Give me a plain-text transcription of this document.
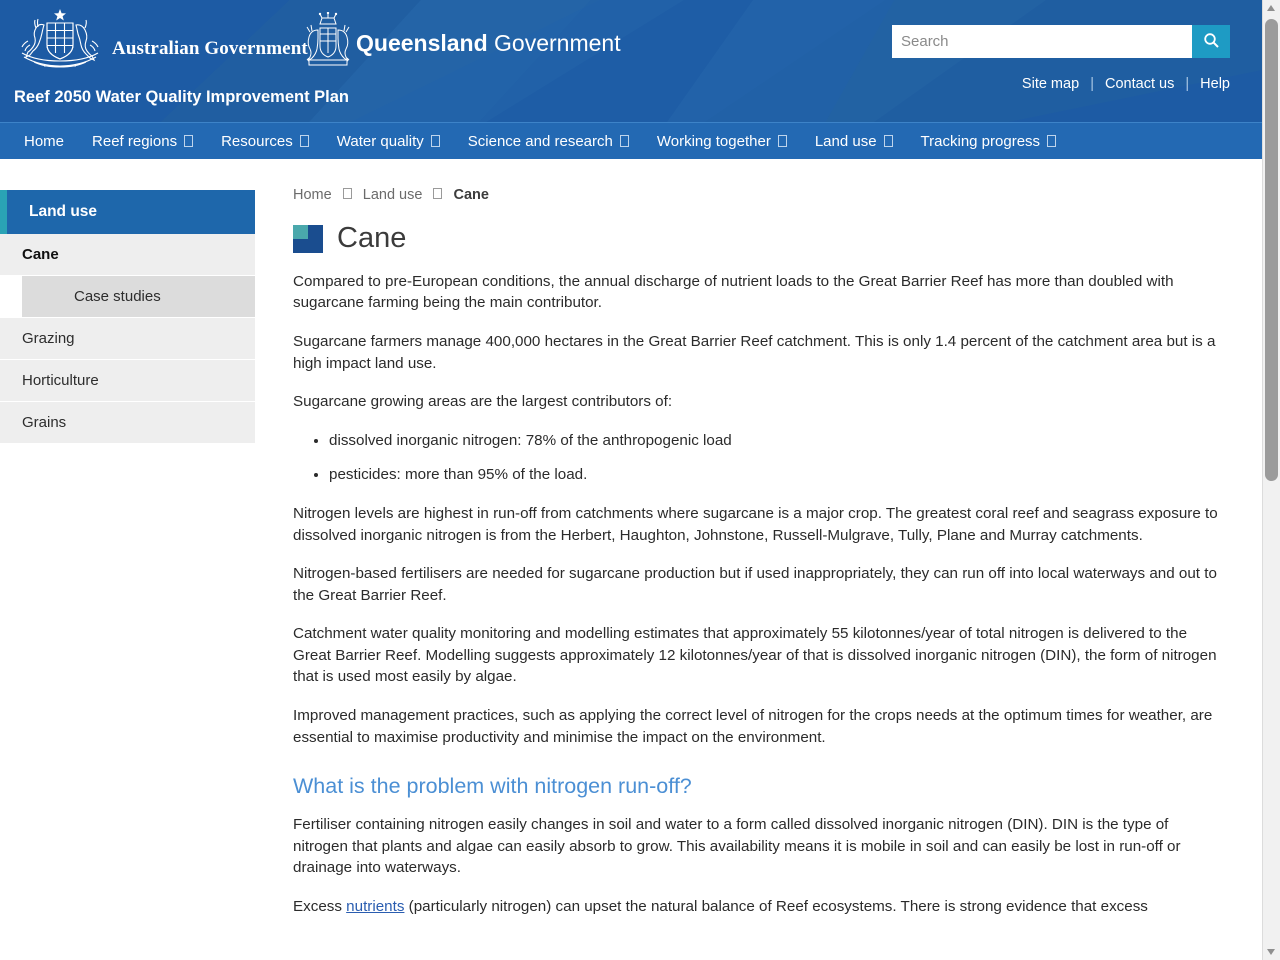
Australian Government Queensland Government
Reef 2050 Water Quality Improvement Plan
Search
Site map | Contact us | Help
Home Reef regions	Resources	Water quality	Science and research	Working together	Land use	Tracking progress
Land use
Cane
Case studies
Grazing
Horticulture
Grains
Home Land use Cane
Cane

Compared to pre-European conditions, the annual discharge of nutrient loads to the Great Barrier Reef has more than doubled with sugarcane farming being the main contributor.

Sugarcane farmers manage 400,000 hectares in the Great Barrier Reef catchment. This is only 1.4 percent of the catchment area but is a high impact land use.

Sugarcane growing areas are the largest contributors of:

• dissolved inorganic nitrogen: 78% of the anthropogenic load
• pesticides: more than 95% of the load.

Nitrogen levels are highest in run-off from catchments where sugarcane is a major crop. The greatest coral reef and seagrass exposure to dissolved inorganic nitrogen is from the Herbert, Haughton, Johnstone, Russell-Mulgrave, Tully, Plane and Murray catchments.

Nitrogen-based fertilisers are needed for sugarcane production but if used inappropriately, they can run off into local waterways and out to the Great Barrier Reef.

Catchment water quality monitoring and modelling estimates that approximately 55 kilotonnes/year of total nitrogen is delivered to the Great Barrier Reef. Modelling suggests approximately 12 kilotonnes/year of that is dissolved inorganic nitrogen (DIN), the form of nitrogen that is used most easily by algae.

Improved management practices, such as applying the correct level of nitrogen for the crops needs at the optimum times for weather, are essential to maximise productivity and minimise the impact on the environment.

What is the problem with nitrogen run-off?

Fertiliser containing nitrogen easily changes in soil and water to a form called dissolved inorganic nitrogen (DIN). DIN is the type of nitrogen that plants and algae can easily absorb to grow. This availability means it is mobile in soil and can easily be lost in run-off or drainage into waterways.

Excess nutrients (particularly nitrogen) can upset the natural balance of Reef ecosystems. There is strong evidence that excess
